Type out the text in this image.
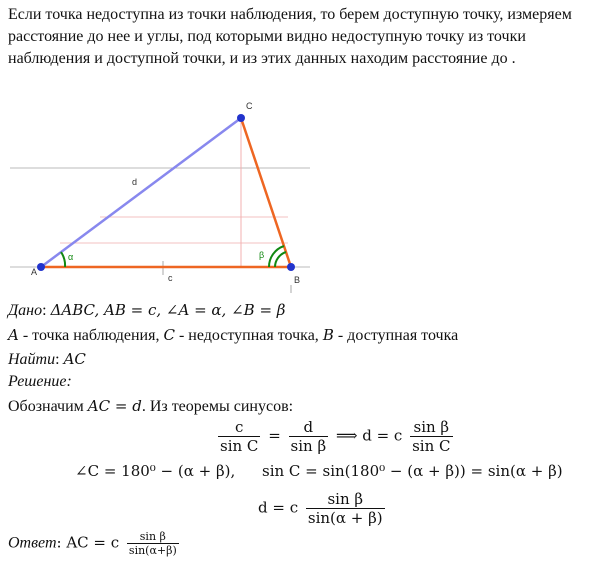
Если точка недоступна из точки наблюдения, то берем доступную точку, измеряем расстояние до нее и углы, под которыми видно недоступную точку из точки наблюдения и доступной точки, и из этих данных находим расстояние до .

A
B
C
d
c
α	β
Дано: ΔABC, AB = c, ∠A = α, ∠B = β
A - точка наблюдения, C - недоступная точка, B - доступная точка
Найти: AC
Решение:
Обозначим AC = d. Из теоремы синусов:
$\frac{c}{\text{sin C}} = \frac{d}{\text{sin β}}$ ⟹ d = c $\frac{\text{sin β}}{\text{sin C}}$
∠C = 180⁰ − (α + β), sin C = sin(180⁰ − (α + β)) = sin(α + β)
d = c $\frac{\text{sin β}}{\sin(\alpha + \beta)}$
Ответ: AC = c $\frac{\text{sin β}}{\sin(\alpha+\beta)}$
